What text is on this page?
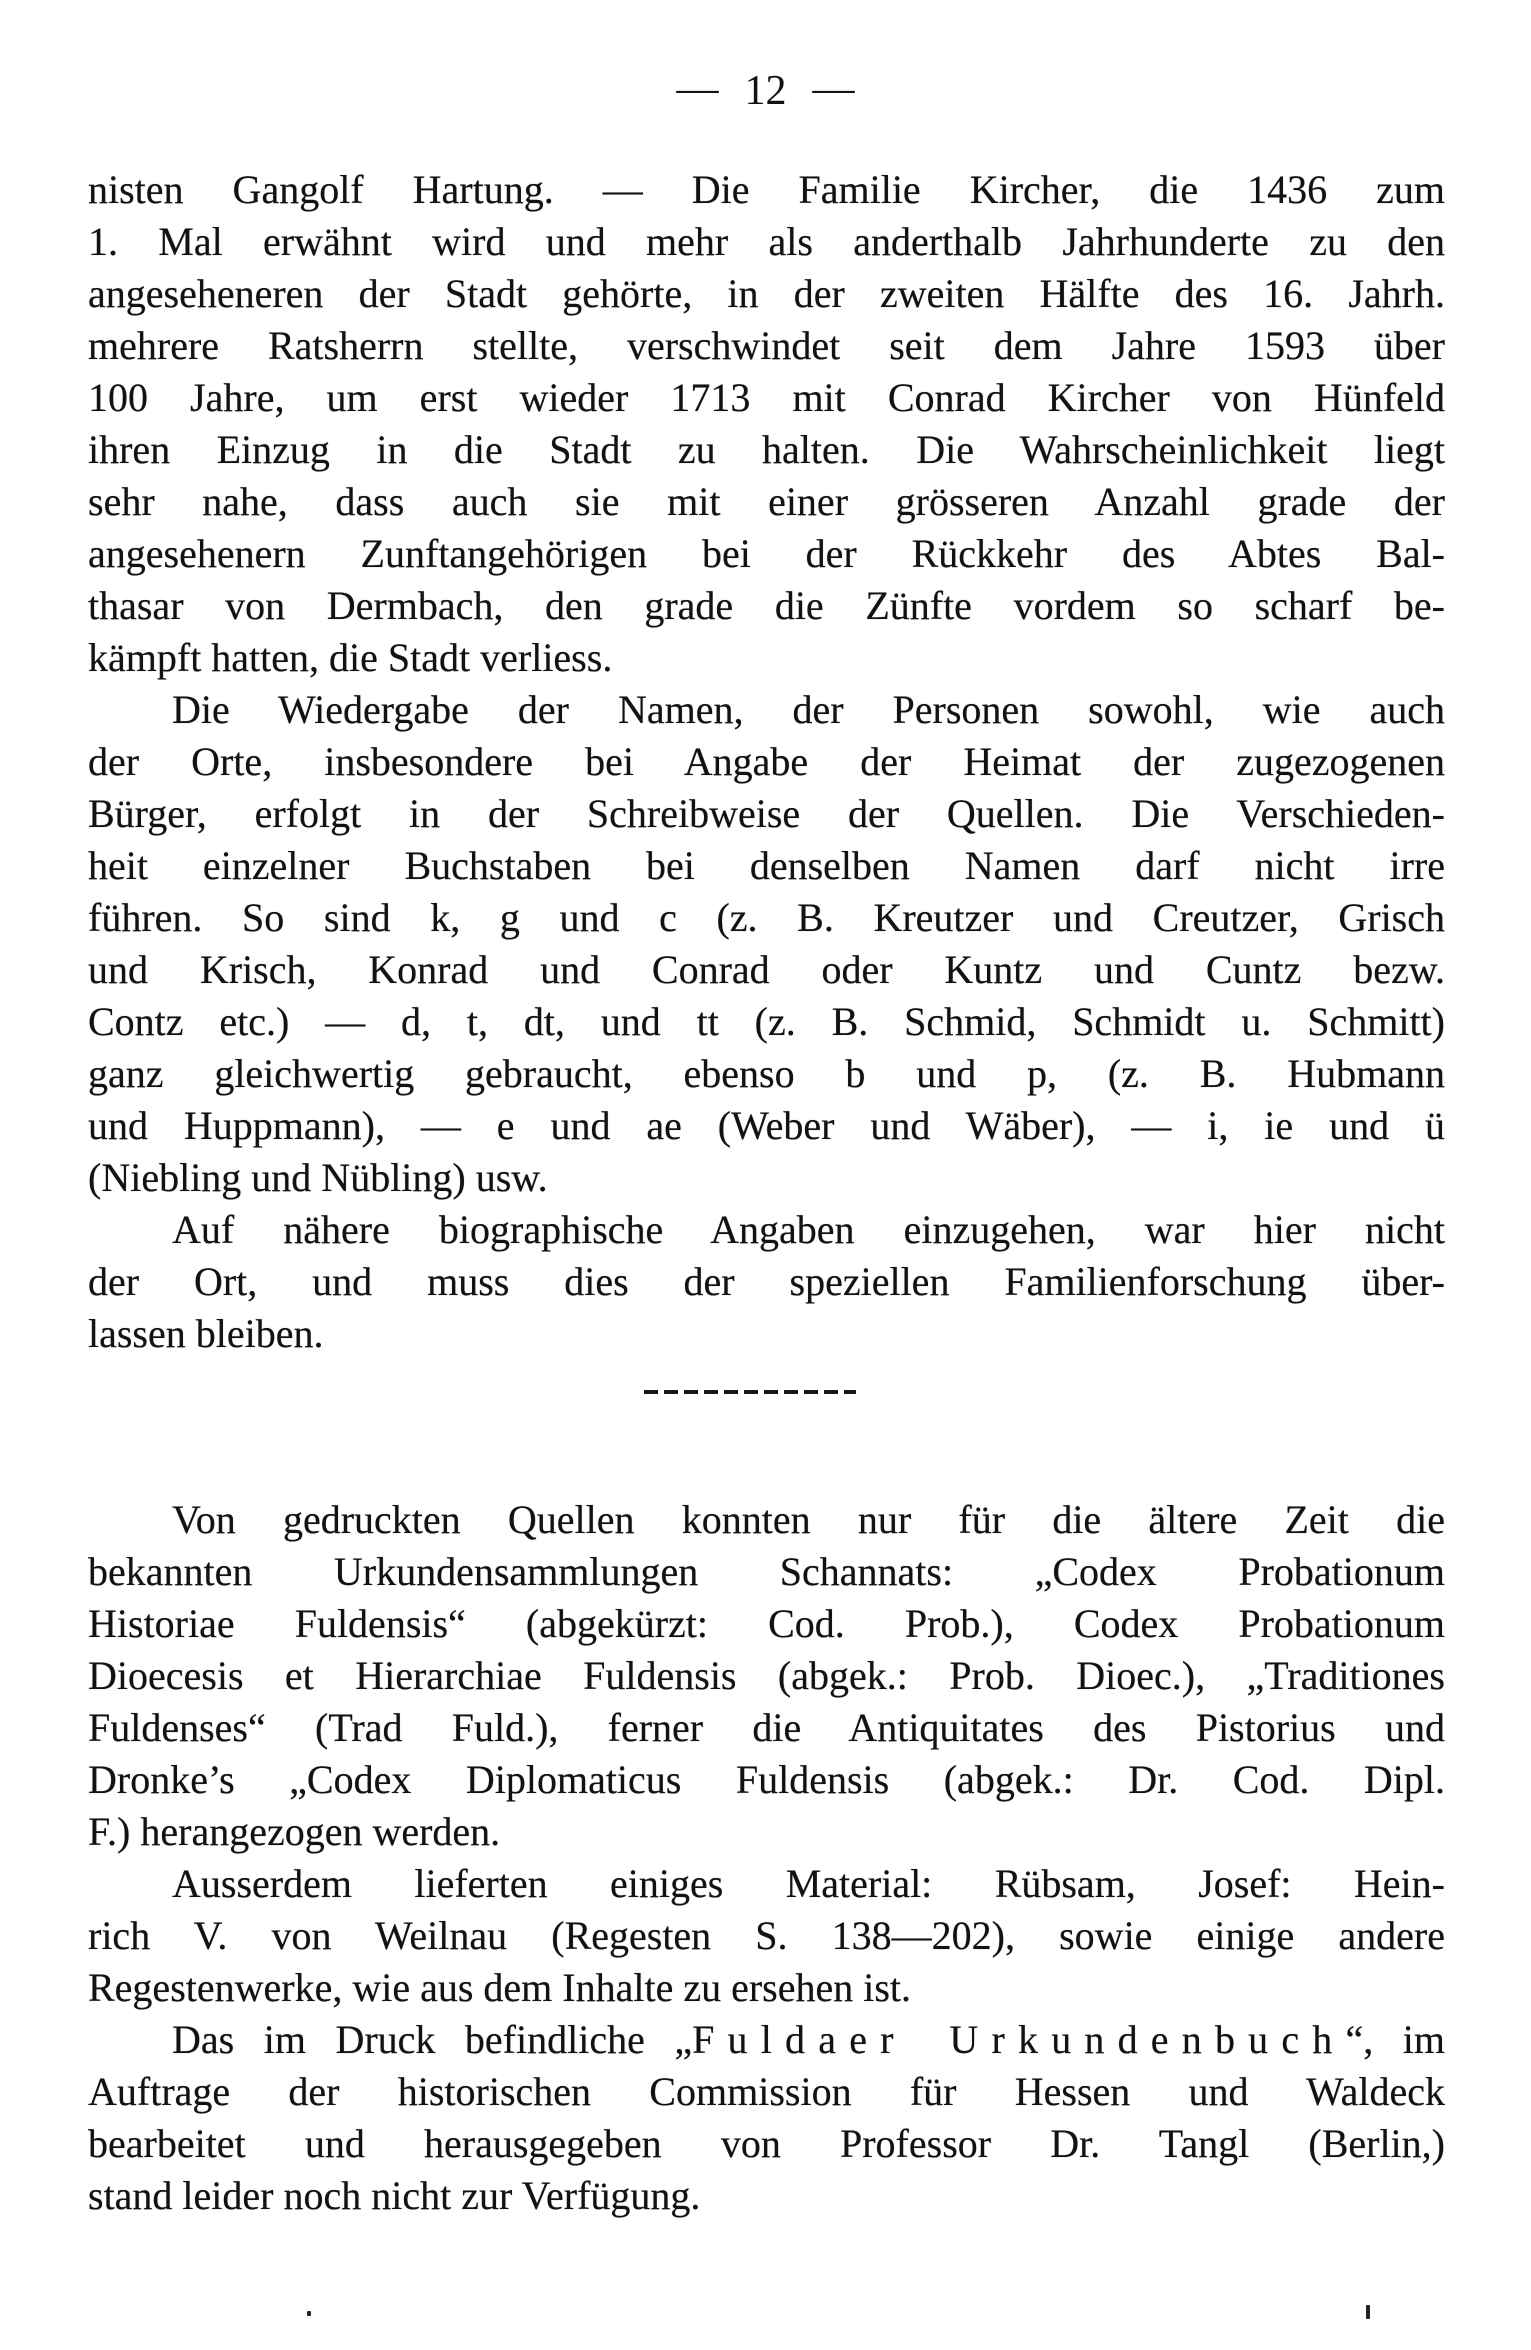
— 12 —
nisten Gangolf Hartung. — Die Familie Kircher, die 1436 zum
1. Mal erwähnt wird und mehr als anderthalb Jahrhunderte zu den
angeseheneren der Stadt gehörte, in der zweiten Hälfte des 16. Jahrh.
mehrere Ratsherrn stellte, verschwindet seit dem Jahre 1593 über
100 Jahre, um erst wieder 1713 mit Conrad Kircher von Hünfeld
ihren Einzug in die Stadt zu halten. Die Wahrscheinlichkeit liegt
sehr nahe, dass auch sie mit einer grösseren Anzahl grade der
angesehenern Zunftangehörigen bei der Rückkehr des Abtes Bal-
thasar von Dermbach, den grade die Zünfte vordem so scharf be-
kämpft hatten, die Stadt verliess.
Die Wiedergabe der Namen, der Personen sowohl, wie auch
der Orte, insbesondere bei Angabe der Heimat der zugezogenen
Bürger, erfolgt in der Schreibweise der Quellen. Die Verschieden-
heit einzelner Buchstaben bei denselben Namen darf nicht irre
führen. So sind k, g und c (z. B. Kreutzer und Creutzer, Grisch
und Krisch, Konrad und Conrad oder Kuntz und Cuntz bezw.
Contz etc.) — d, t, dt, und tt (z. B. Schmid, Schmidt u. Schmitt)
ganz gleichwertig gebraucht, ebenso b und p, (z. B. Hubmann
und Huppmann), — e und ae (Weber und Wäber), — i, ie und ü
(Niebling und Nübling) usw.
Auf nähere biographische Angaben einzugehen, war hier nicht
der Ort, und muss dies der speziellen Familienforschung über-
lassen bleiben.
Von gedruckten Quellen konnten nur für die ältere Zeit die
bekannten Urkundensammlungen Schannats: „Codex Probationum
Historiae Fuldensis“ (abgekürzt: Cod. Prob.), Codex Probationum
Dioecesis et Hierarchiae Fuldensis (abgek.: Prob. Dioec.), „Traditiones
Fuldenses“ (Trad Fuld.), ferner die Antiquitates des Pistorius und
Dronke’s „Codex Diplomaticus Fuldensis (abgek.: Dr. Cod. Dipl.
F.) herangezogen werden.
Ausserdem lieferten einiges Material: Rübsam, Josef: Hein-
rich V. von Weilnau (Regesten S. 138—202), sowie einige andere
Regestenwerke, wie aus dem Inhalte zu ersehen ist.
Das im Druck befindliche „Fuldaer Urkundenbuch“, im
Auftrage der historischen Commission für Hessen und Waldeck
bearbeitet und herausgegeben von Professor Dr. Tangl (Berlin,)
stand leider noch nicht zur Verfügung.
